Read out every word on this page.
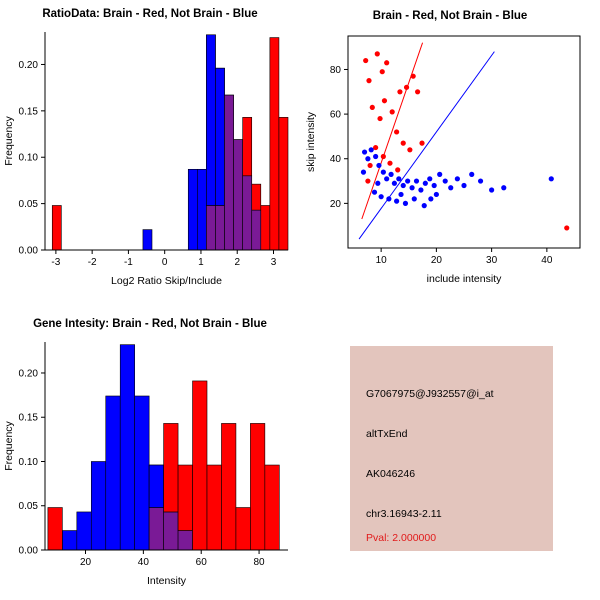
RatioData: Brain - Red, Not Brain - Blue
-3	-2	-1	0	1	2	3
0.00
0.05
0.10
0.15
0.20
Log2 Ratio Skip/Include
Frequency
Brain - Red, Not Brain - Blue
10	20	30	40
20
40
60
80
include intensity
skip intensity
Gene Intesity: Brain - Red, Not Brain - Blue
20	40	60	80
0.00
0.05
0.10
0.15
0.20
Intensity
Frequency
G7067975@J932557@i_at
altTxEnd
AK046246
chr3.16943-2.11
Pval: 2.000000
